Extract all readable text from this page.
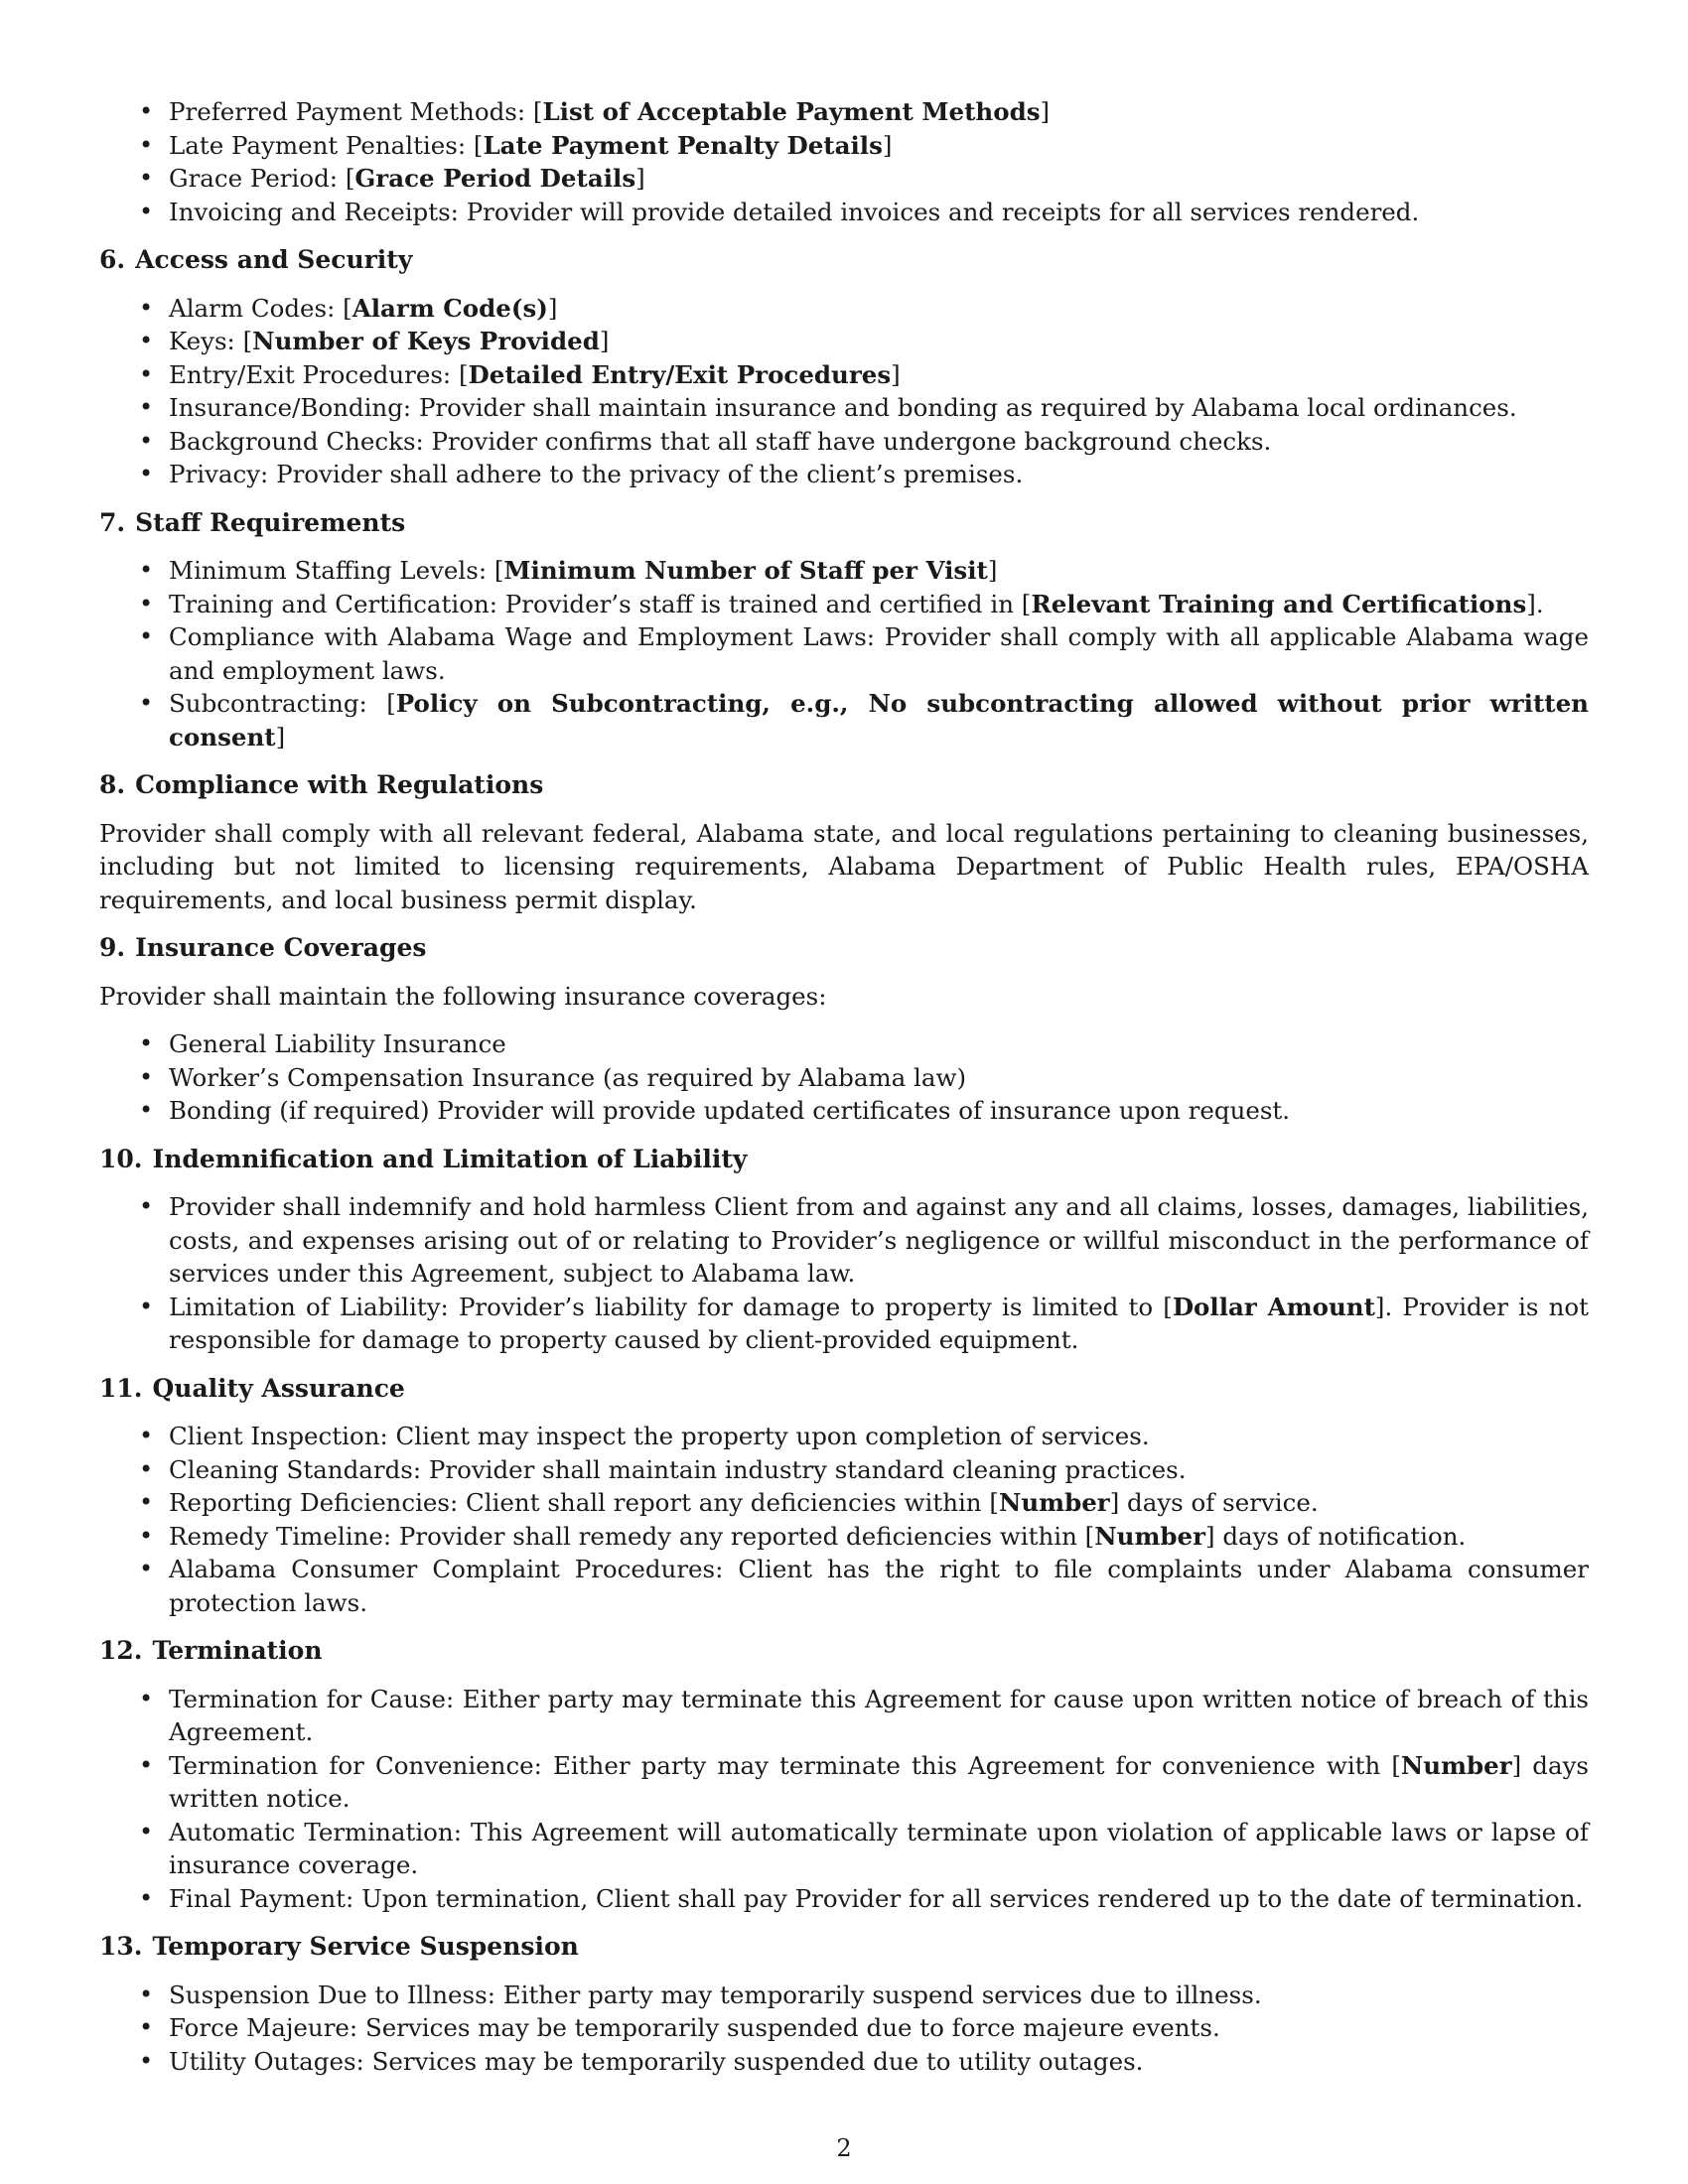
• Preferred Payment Methods: [List of Acceptable Payment Methods]
• Late Payment Penalties: [Late Payment Penalty Details]
• Grace Period: [Grace Period Details]
• Invoicing and Receipts: Provider will provide detailed invoices and receipts for all services rendered.
6. Access and Security
• Alarm Codes: [Alarm Code(s)]
• Keys: [Number of Keys Provided]
• Entry/Exit Procedures: [Detailed Entry/Exit Procedures]
• Insurance/Bonding: Provider shall maintain insurance and bonding as required by Alabama local ordinances.
• Background Checks: Provider confirms that all staff have undergone background checks.
• Privacy: Provider shall adhere to the privacy of the client’s premises.
7. Staff Requirements
• Minimum Staffing Levels: [Minimum Number of Staff per Visit]
• Training and Certification: Provider’s staff is trained and certified in [Relevant Training and Certifications].
• Compliance with Alabama Wage and Employment Laws: Provider shall comply with all applicable Alabama wage and employment laws.
• Subcontracting: [Policy on Subcontracting, e.g., No subcontracting allowed without prior written consent]
8. Compliance with Regulations

Provider shall comply with all relevant federal, Alabama state, and local regulations pertaining to cleaning businesses, including but not limited to licensing requirements, Alabama Department of Public Health rules, EPA/OSHA requirements, and local business permit display.

9. Insurance Coverages

Provider shall maintain the following insurance coverages:

• General Liability Insurance
• Worker’s Compensation Insurance (as required by Alabama law)
• Bonding (if required) Provider will provide updated certificates of insurance upon request.
10. Indemnification and Limitation of Liability
• Provider shall indemnify and hold harmless Client from and against any and all claims, losses, damages, liabilities, costs, and expenses arising out of or relating to Provider’s negligence or willful misconduct in the performance of services under this Agreement, subject to Alabama law.
• Limitation of Liability: Provider’s liability for damage to property is limited to [Dollar Amount]. Provider is not responsible for damage to property caused by client-provided equipment.
11. Quality Assurance
• Client Inspection: Client may inspect the property upon completion of services.
• Cleaning Standards: Provider shall maintain industry standard cleaning practices.
• Reporting Deficiencies: Client shall report any deficiencies within [Number] days of service.
• Remedy Timeline: Provider shall remedy any reported deficiencies within [Number] days of notification.
• Alabama Consumer Complaint Procedures: Client has the right to file complaints under Alabama consumer protection laws.
12. Termination
• Termination for Cause: Either party may terminate this Agreement for cause upon written notice of breach of this Agreement.
• Termination for Convenience: Either party may terminate this Agreement for convenience with [Number] days written notice.
• Automatic Termination: This Agreement will automatically terminate upon violation of applicable laws or lapse of insurance coverage.
• Final Payment: Upon termination, Client shall pay Provider for all services rendered up to the date of termination.
13. Temporary Service Suspension
• Suspension Due to Illness: Either party may temporarily suspend services due to illness.
• Force Majeure: Services may be temporarily suspended due to force majeure events.
• Utility Outages: Services may be temporarily suspended due to utility outages.
2
